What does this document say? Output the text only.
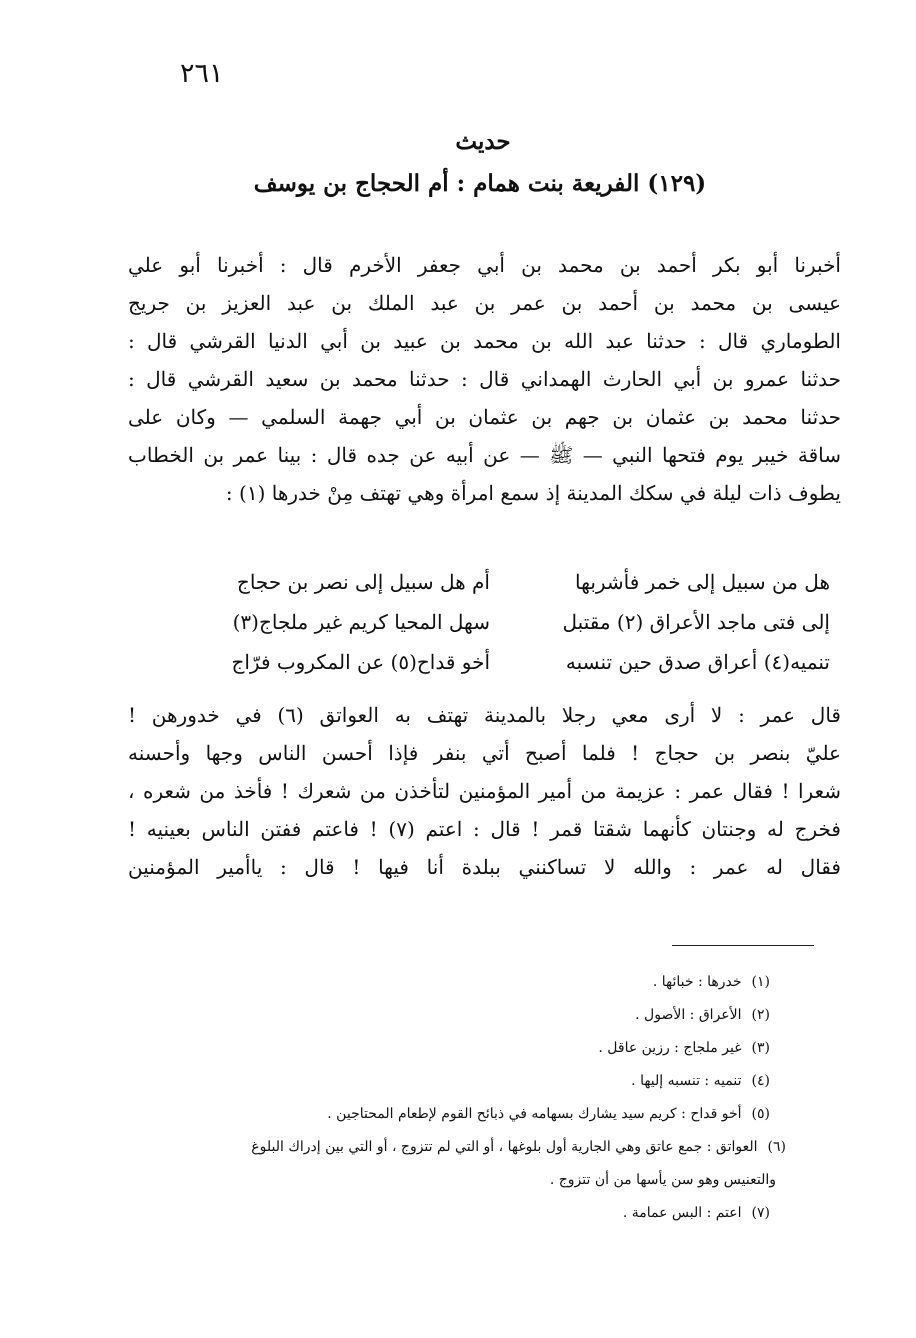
٢٦١
حديث
(١٢٩) الفريعة بنت همام : أم الحجاج بن يوسف
أخبرنا أبو بكر أحمد بن محمد بن أبي جعفر الأخرم قال : أخبرنا أبو علي
عيسى بن محمد بن أحمد بن عمر بن عبد الملك بن عبد العزيز بن جريج
الطوماري قال : حدثنا عبد الله بن محمد بن عبيد بن أبي الدنيا القرشي قال :
حدثنا عمرو بن أبي الحارث الهمداني قال : حدثنا محمد بن سعيد القرشي قال :
حدثنا محمد بن عثمان بن جهم بن عثمان بن أبي جهمة السلمي — وكان على
ساقة خيبر يوم فتحها النبي — ﷺ — عن أبيه عن جده قال : بينا عمر بن الخطاب
يطوف ذات ليلة في سكك المدينة إذ سمع امرأة وهي تهتف مِنْ خدرها (١) :
هل من سبيل إلى خمر فأشربها
أم هل سبيل إلى نصر بن حجاج
إلى فتى ماجد الأعراق (٢) مقتبل
سهل المحيا كريم غير ملجاج(٣)
تنميه(٤) أعراق صدق حين تنسبه
أخو قداح(٥) عن المكروب فرّاج
قال عمر : لا أرى معي رجلا بالمدينة تهتف به العواتق (٦) في خدورهن !
عليّ بنصر بن حجاج ! فلما أصبح أتي بنفر فإذا أحسن الناس وجها وأحسنه
شعرا ! فقال عمر : عزيمة من أمير المؤمنين لتأخذن من شعرك ! فأخذ من شعره ،
فخرج له وجنتان كأنهما شقتا قمر ! قال : اعتم (٧) ! فاعتم ففتن الناس بعينيه !
فقال له عمر : والله لا تساكنني ببلدة أنا فيها ! قال : ياأمير المؤمنين
(١)خدرها : خبائها .
(٢)الأعراق : الأصول .
(٣)غير ملجاج : رزين عاقل .
(٤)تنميه : تنسبه إليها .
(٥)أخو قداح : كريم سيد يشارك بسهامه في ذبائح القوم لإطعام المحتاجين .
(٦)العواتق : جمع عاتق وهي الجارية أول بلوغها ، أو التي لم تتزوج ، أو التي بين إدراك البلوغ
والتعنيس وهو سن يأسها من أن تتزوج .
(٧)اعتم : البس عمامة .
